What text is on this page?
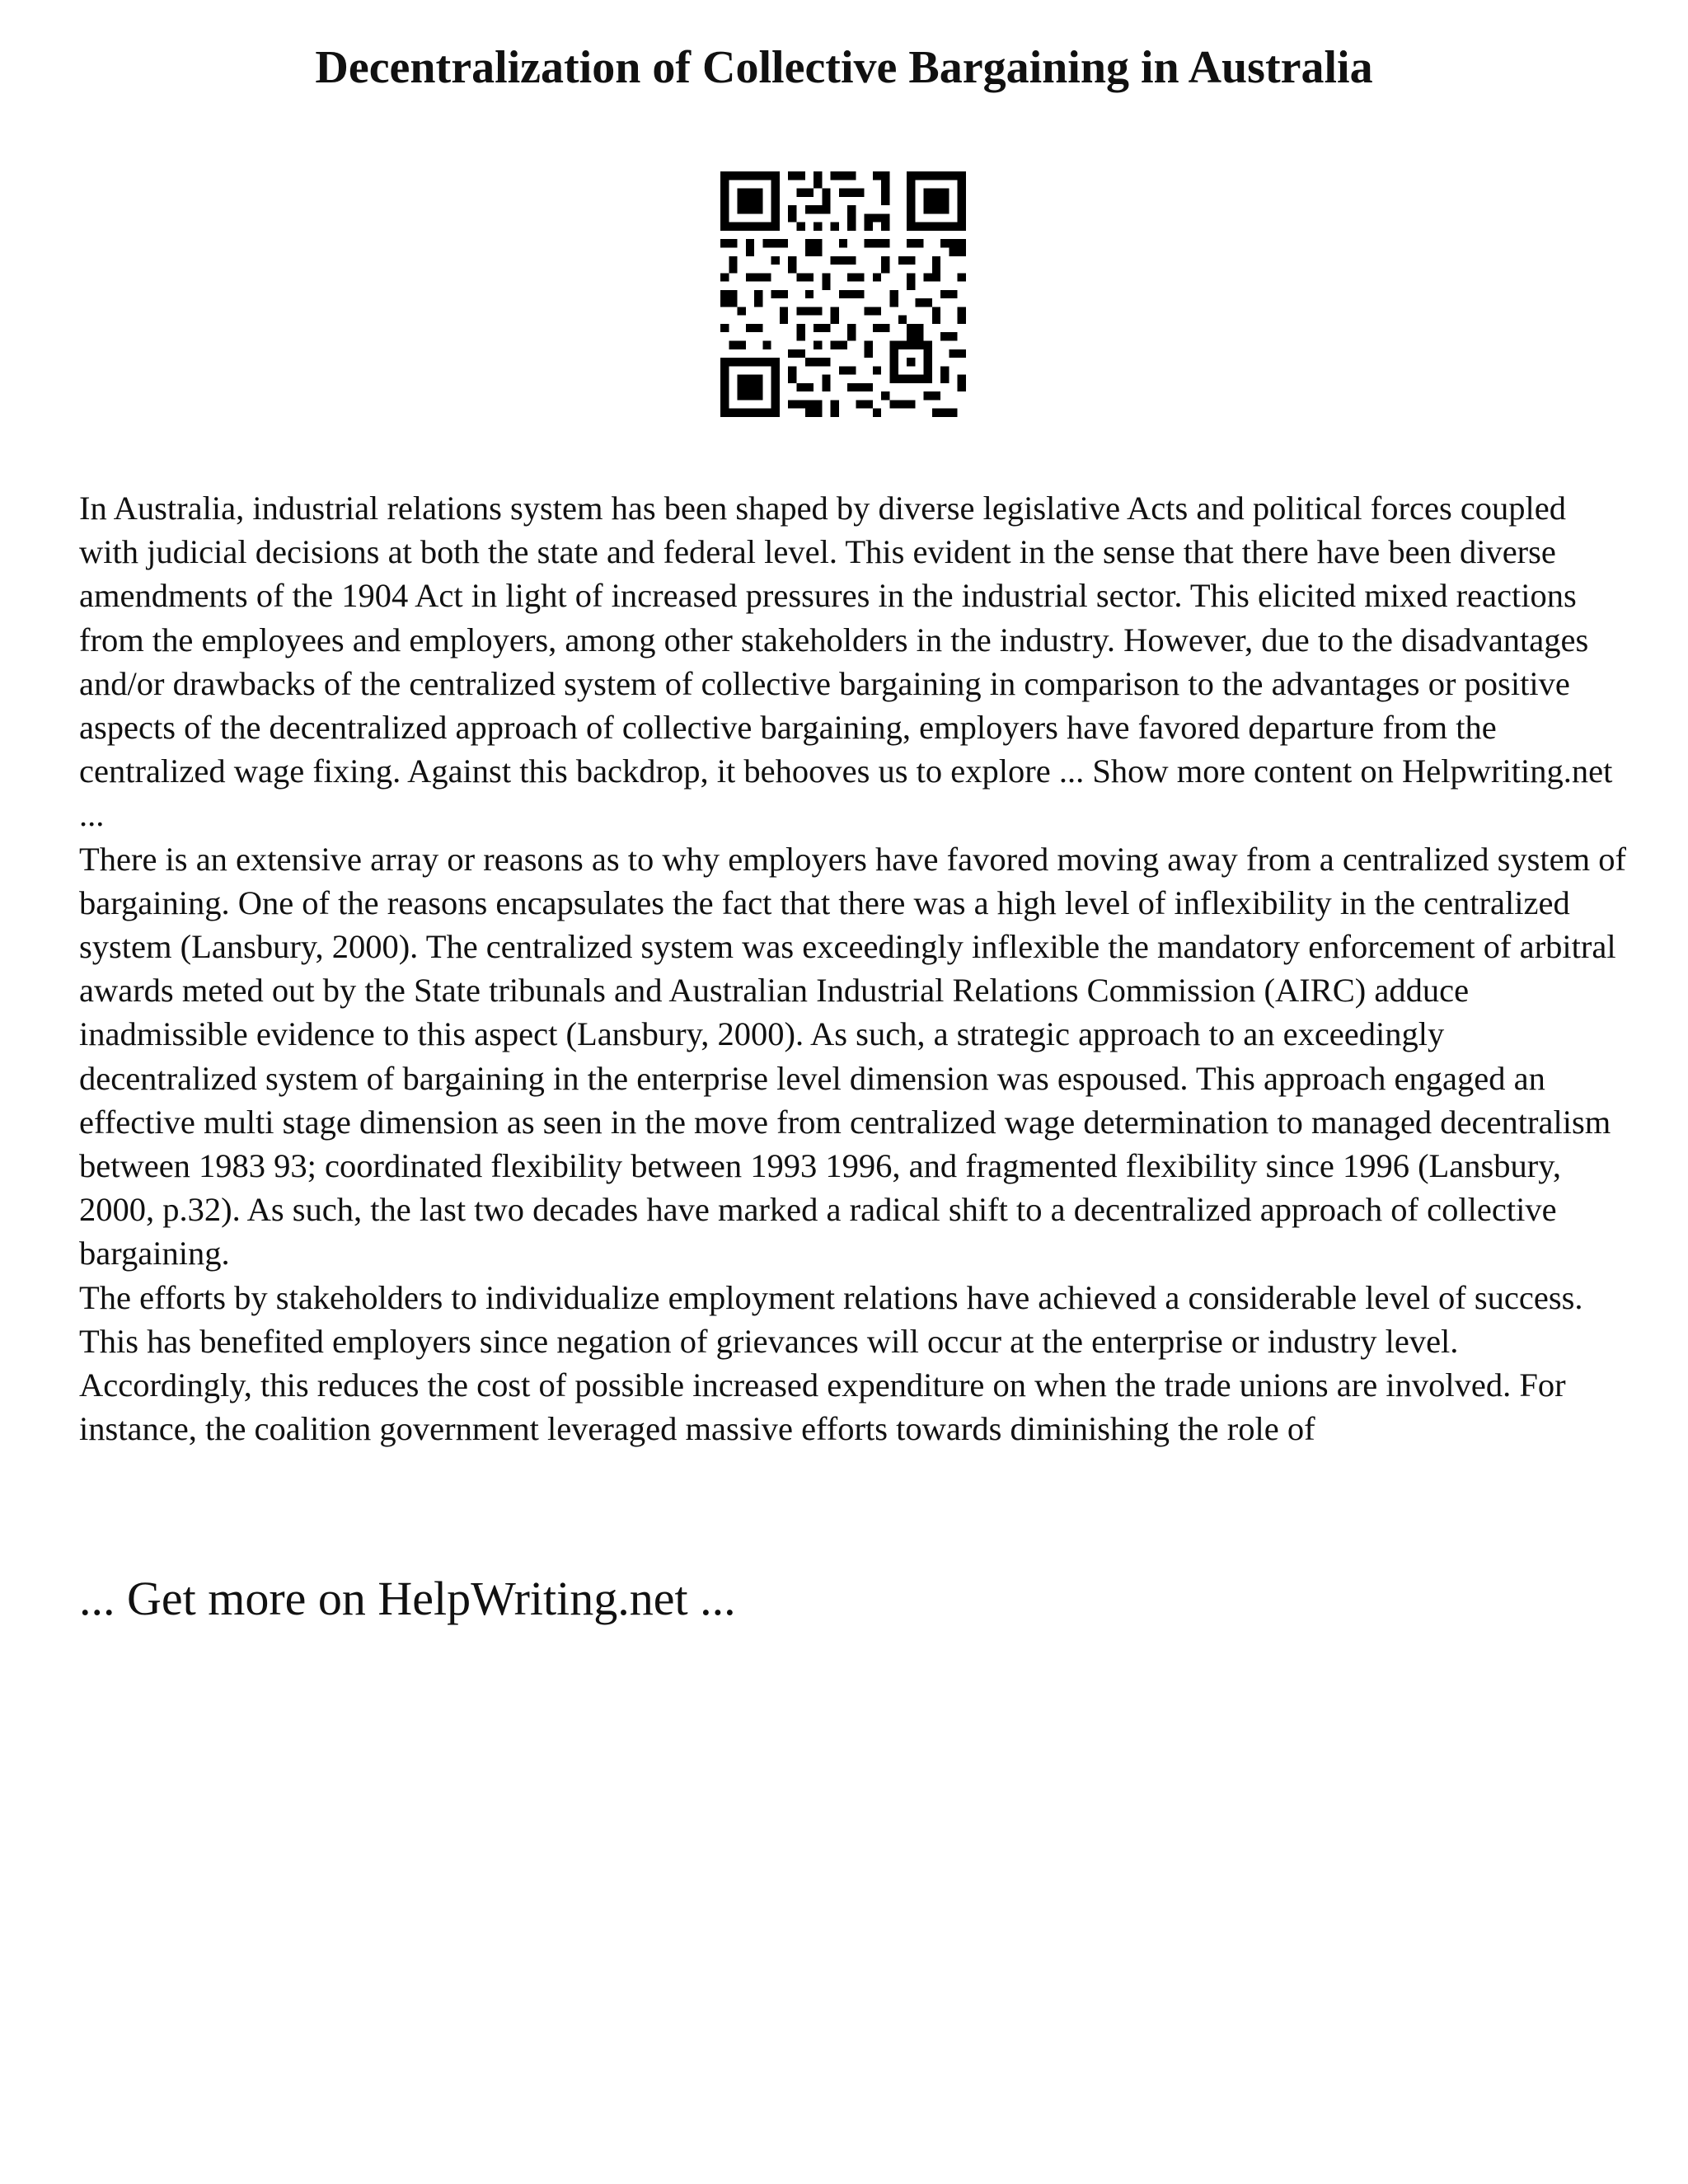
Decentralization of Collective Bargaining in Australia

In Australia, industrial relations system has been shaped by diverse legislative Acts and political forces coupled with judicial decisions at both the state and federal level. This evident in the sense that there have been diverse amendments of the 1904 Act in light of increased pressures in the industrial sector. This elicited mixed reactions from the employees and employers, among other stakeholders in the industry. However, due to the disadvantages and/or drawbacks of the centralized system of collective bargaining in comparison to the advantages or positive aspects of the decentralized approach of collective bargaining, employers have favored departure from the centralized wage fixing. Against this backdrop, it behooves us to explore ... Show more content on Helpwriting.net ...

There is an extensive array or reasons as to why employers have favored moving away from a centralized system of bargaining. One of the reasons encapsulates the fact that there was a high level of inflexibility in the centralized system (Lansbury, 2000). The centralized system was exceedingly inflexible the mandatory enforcement of arbitral awards meted out by the State tribunals and Australian Industrial Relations Commission (AIRC) adduce inadmissible evidence to this aspect (Lansbury, 2000). As such, a strategic approach to an exceedingly decentralized system of bargaining in the enterprise level dimension was espoused. This approach engaged an effective multi stage dimension as seen in the move from centralized wage determination to managed decentralism between 1983 93; coordinated flexibility between 1993 1996, and fragmented flexibility since 1996 (Lansbury, 2000, p.32). As such, the last two decades have marked a radical shift to a decentralized approach of collective bargaining.

The efforts by stakeholders to individualize employment relations have achieved a considerable level of success. This has benefited employers since negation of grievances will occur at the enterprise or industry level. Accordingly, this reduces the cost of possible increased expenditure on when the trade unions are involved. For instance, the coalition government leveraged massive efforts towards diminishing the role of

... Get more on HelpWriting.net ...
